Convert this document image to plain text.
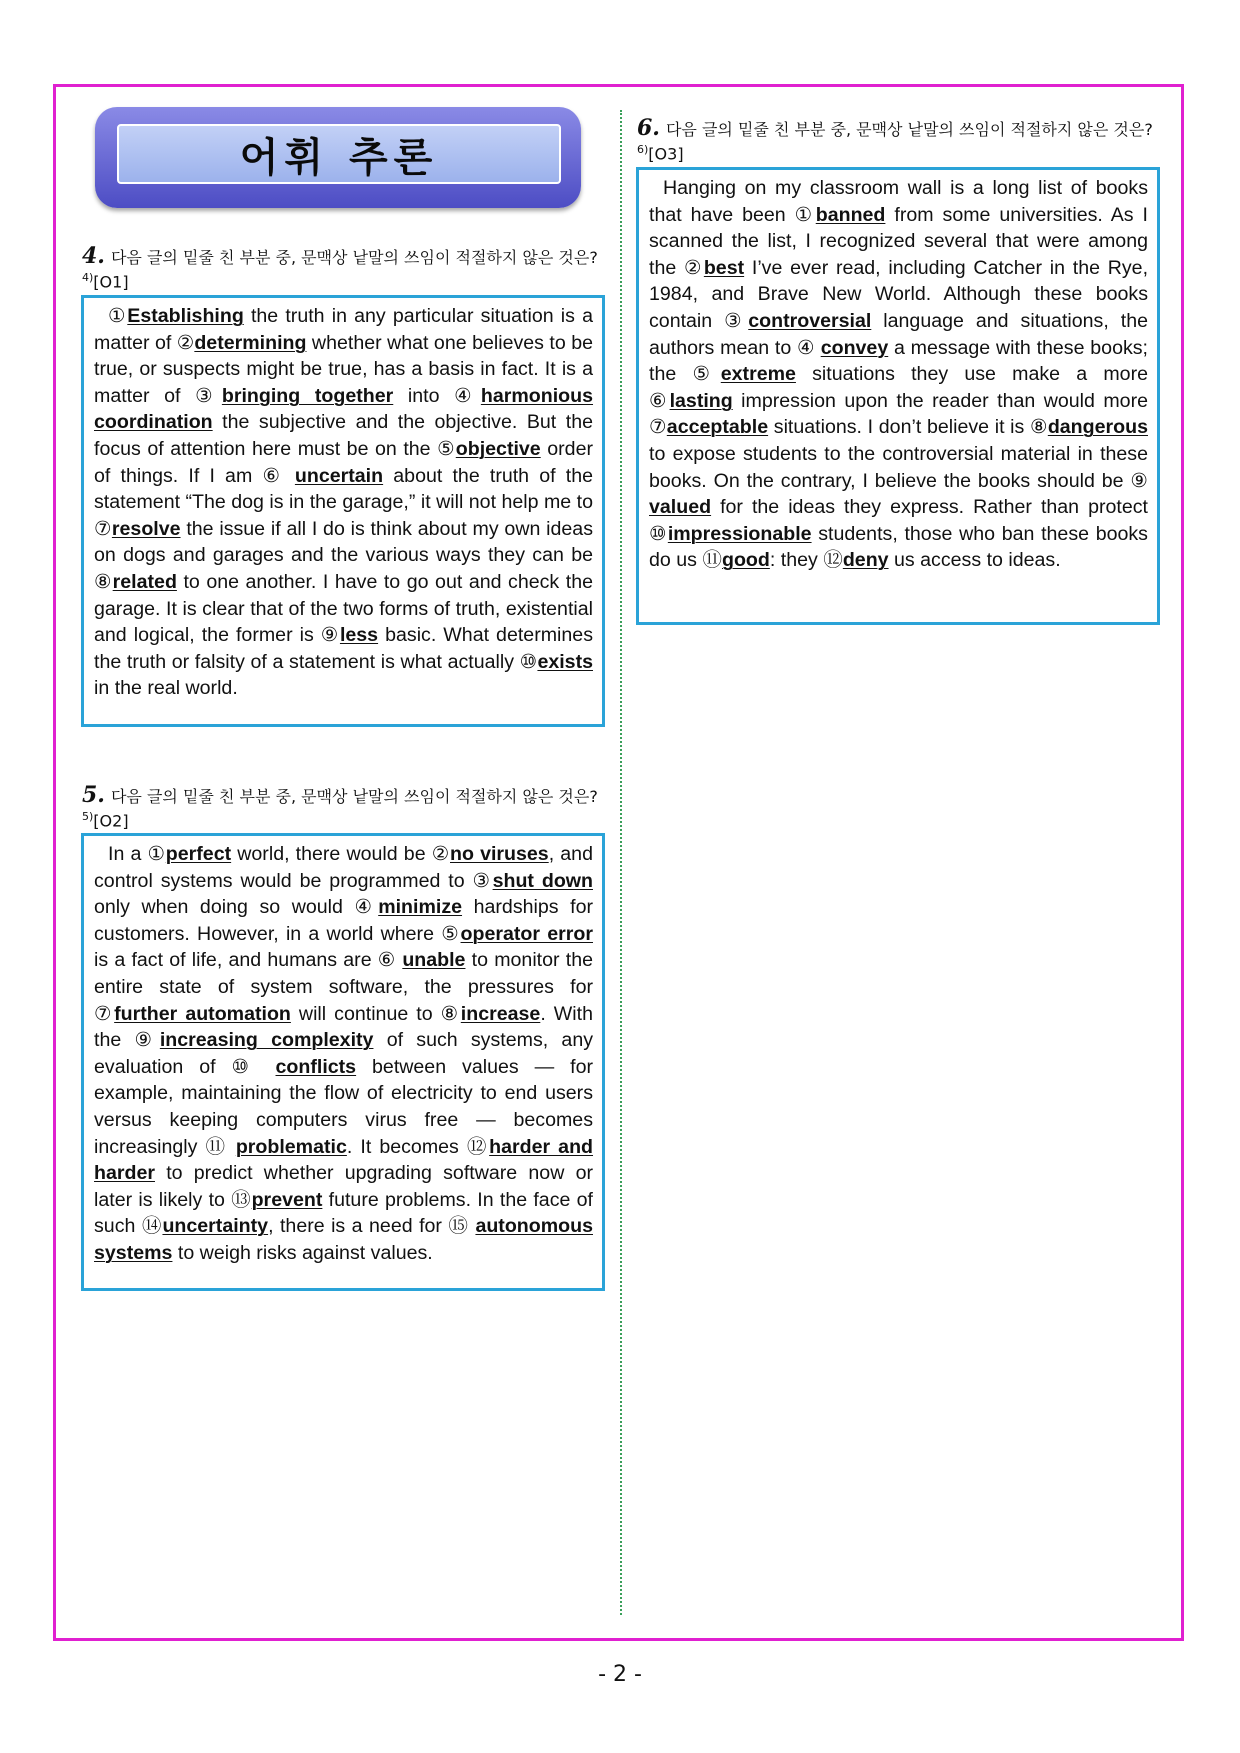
어휘 추론
4. 다음 글의 밑줄 친 부분 중, 문맥상 낱말의 쓰임이 적절하지 않은 것은?$^{4)}$[O1]

①Establishing the truth in any particular situation is a matter of ②determining whether what one believes to be true, or suspects might be true, has a basis in fact. It is a matter of ③bringing together into ④harmonious coordination the subjective and the objective. But the focus of attention here must be on the ⑤objective order of things. If I am ⑥ uncertain about the truth of the statement “The dog is in the garage,” it will not help me to ⑦resolve the issue if all I do is think about my own ideas on dogs and garages and the various ways they can be ⑧related to one another. I have to go out and check the garage. It is clear that of the two forms of truth, existential and logical, the former is ⑨less basic. What determines the truth or falsity of a statement is what actually ⑩exists in the real world.

5. 다음 글의 밑줄 친 부분 중, 문맥상 낱말의 쓰임이 적절하지 않은 것은?$^{5)}$[O2]

In a ①perfect world, there would be ②no viruses, and control systems would be programmed to ③shut down only when doing so would ④minimize hardships for customers. However, in a world where ⑤operator error is a fact of life, and humans are ⑥ unable to monitor the entire state of system software, the pressures for ⑦further automation will continue to ⑧increase. With the ⑨increasing complexity of such systems, any evaluation of ⑩ conflicts between values — for example, maintaining the flow of electricity to end users versus keeping computers virus free — becomes increasingly ⑪ problematic. It becomes ⑫harder and harder to predict whether upgrading software now or later is likely to ⑬prevent future problems. In the face of such ⑭uncertainty, there is a need for ⑮ autonomous systems to weigh risks against values.

6. 다음 글의 밑줄 친 부분 중, 문맥상 낱말의 쓰임이 적절하지 않은 것은?$^{6)}$[O3]

Hanging on my classroom wall is a long list of books that have been ①banned from some universities. As I scanned the list, I recognized several that were among the ②best I’ve ever read, including Catcher in the Rye, 1984, and Brave New World. Although these books contain ③controversial language and situations, the authors mean to ④ convey a message with these books; the ⑤extreme situations they use make a more ⑥lasting impression upon the reader than would more ⑦acceptable situations. I don’t believe it is ⑧dangerous to expose students to the controversial material in these books. On the contrary, I believe the books should be ⑨ valued for the ideas they express. Rather than protect ⑩impressionable students, those who ban these books do us ⑪good: they ⑫deny us access to ideas.

- 2 -
